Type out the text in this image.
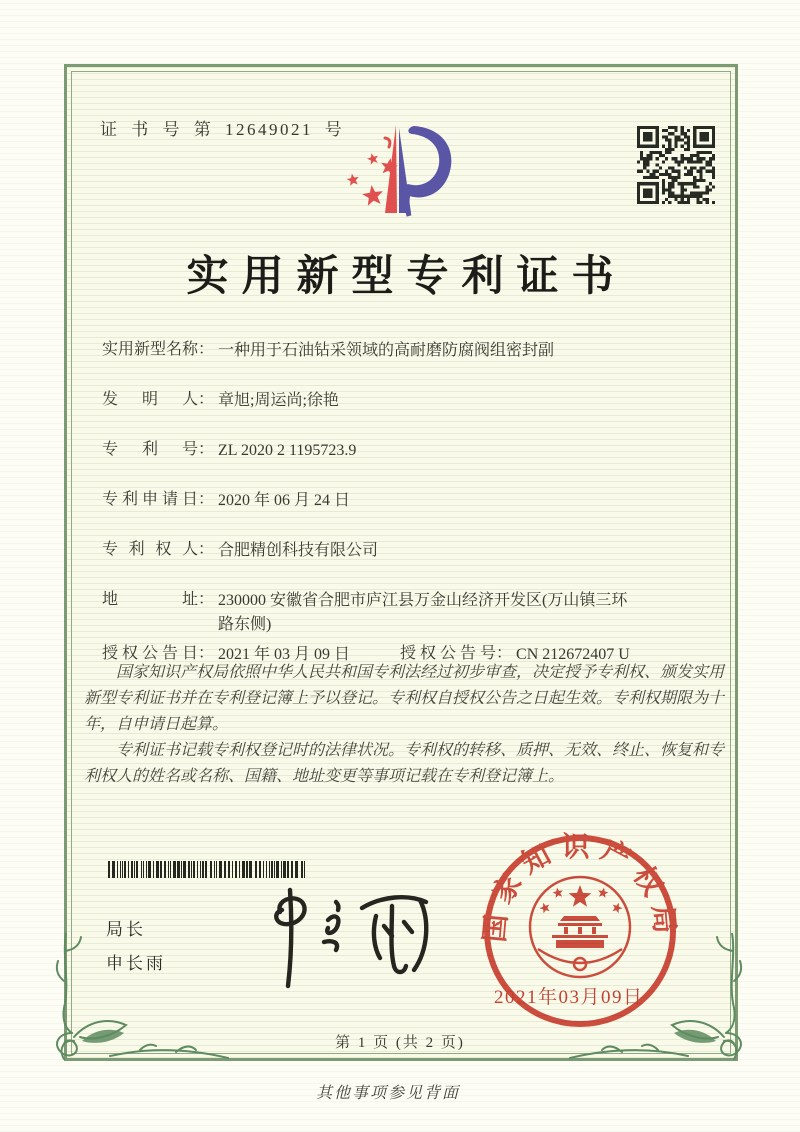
证 书 号 第 12649021 号
实用新型专利证书
实用新型名称： 一种用于石油钻采领域的高耐磨防腐阀组密封副
发明人： 章旭;周运尚;徐艳
专利号： ZL 2020 2 1195723.9
专利申请日： 2020 年 06 月 24 日
专利权人： 合肥精创科技有限公司
地址： 230000 安徽省合肥市庐江县万金山经济开发区(万山镇三环路东侧)
授权公告日： 2021 年 03 月 09 日	授权公告号： CN 212672407 U

国家知识产权局依照中华人民共和国专利法经过初步审查，决定授予专利权、颁发实用新型专利证书并在专利登记簿上予以登记。专利权自授权公告之日起生效。专利权期限为十年，自申请日起算。

专利证书记载专利权登记时的法律状况。专利权的转移、质押、无效、终止、恢复和专利权人的姓名或名称、国籍、地址变更等事项记载在专利登记簿上。

局长
申长雨
国家知识产权局
2021年03月09日
第 1 页 (共 2 页)
其他事项参见背面
